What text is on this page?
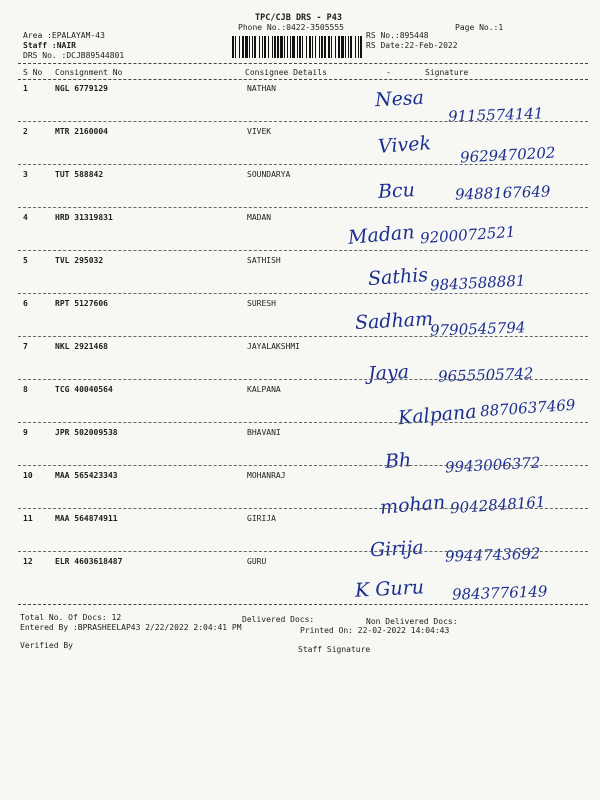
TPC/CJB DRS - P43
Phone No.:0422-3505555	Page No.:1
Area :EPALAYAM-43
Staff :NAIR
DRS No. :DCJB89544801
RS No.:895448
RS Date:22-Feb-2022
S No Consignment No	Consignee Details	-	Signature
1	NGL 6779129	NATHAN	Nesa
9115574141
2	MTR 2160004	VIVEK
Vivek 9629470202
3	TUT 588842	SOUNDARYA
Bcu	9488167649
4	HRD 31319831	MADAN
Madan 9200072521
5	TVL 295032	SATHISH
Sathis 9843588881
6	RPT 5127606	SURESH
Sadham
9790545794
7	NKL 2921468	JAYALAKSHMI
Jaya 9655505742
8	TCG 40040564	KALPANA
Kalpana 8870637469
9	JPR 502009538	BHAVANI
Bh 9943006372
10	MAA 565423343	MOHANRAJ
mohan 9042848161
11	MAA 564874911	GIRIJA
Girija 9944743692
12	ELR 4603618487	GURU
K Guru 9843776149
Total No. Of Docs: 12	Delivered Docs:	Non Delivered Docs:
Entered By :BPRASHEELAP43 2/22/2022 2:04:41 PM	Printed On: 22-02-2022 14:04:43
Verified By	Staff Signature
